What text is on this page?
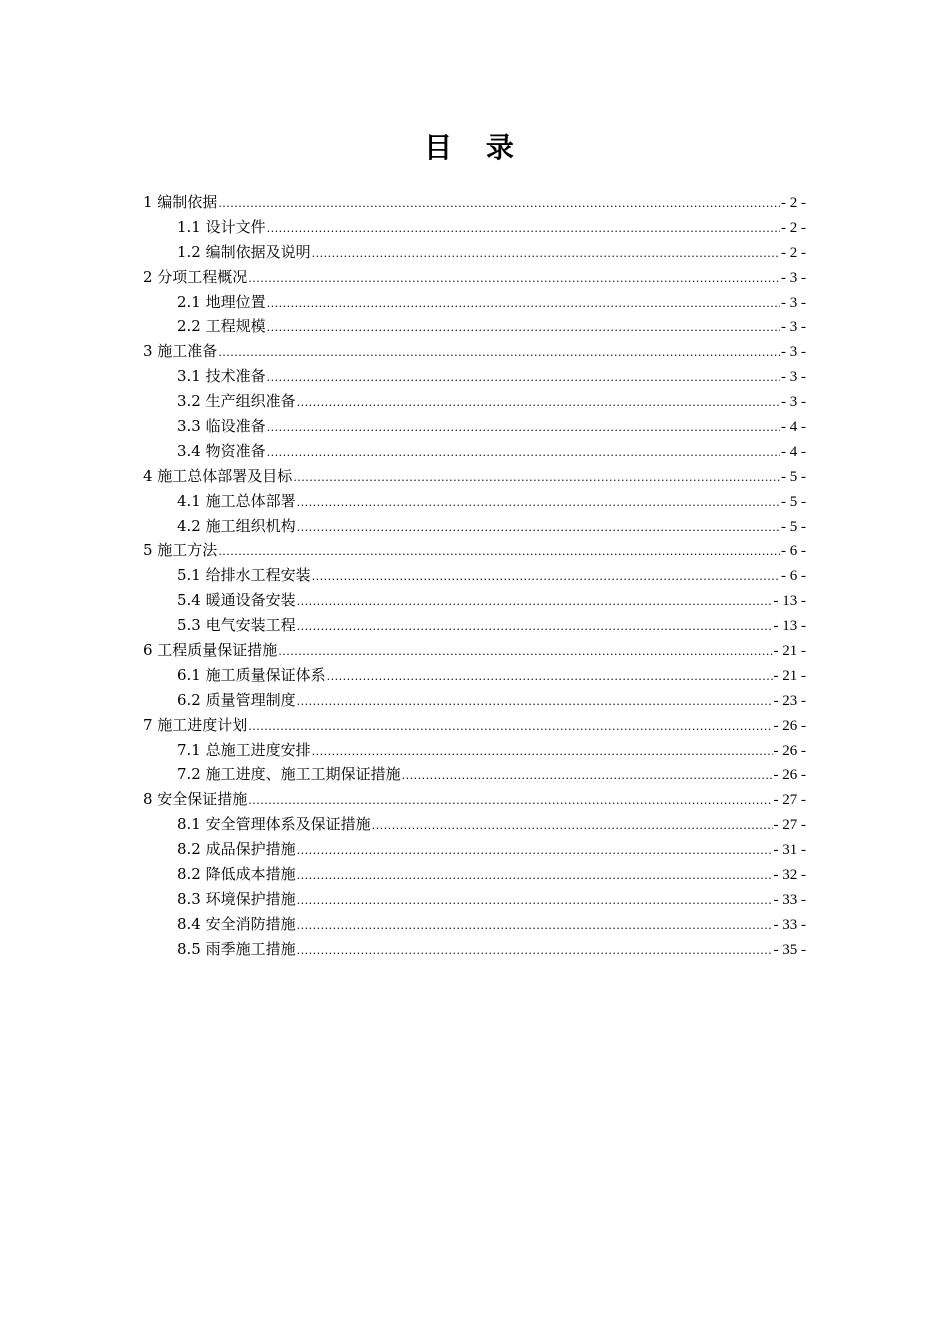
目 录
1 编制依据 .....	- 2 -
1.1 设计文件 .....	- 2 -
1.2 编制依据及说明 .....	- 2 -
2 分项工程概况 .....	- 3 -
2.1 地理位置 .....	- 3 -
2.2 工程规模 .....	- 3 -
3 施工准备 .....	- 3 -
3.1 技术准备 .....	- 3 -
3.2 生产组织准备 .....	- 3 -
3.3 临设准备 .....	- 4 -
3.4 物资准备 .....	- 4 -
4 施工总体部署及目标 .....	- 5 -
4.1 施工总体部署 .....	- 5 -
4.2 施工组织机构 .....	- 5 -
5 施工方法 .....	- 6 -
5.1 给排水工程安装 .....	- 6 -
5.4 暖通设备安装 .....	- 13 -
5.3 电气安装工程 .....	- 13 -
6 工程质量保证措施 .....	- 21 -
6.1 施工质量保证体系 .....	- 21 -
6.2 质量管理制度 .....	- 23 -
7 施工进度计划 .....	- 26 -
7.1 总施工进度安排 .....	- 26 -
7.2 施工进度、施工工期保证措施 .....	- 26 -
8 安全保证措施 .....	- 27 -
8.1 安全管理体系及保证措施 .....	- 27 -
8.2 成品保护措施 .....	- 31 -
8.2 降低成本措施 .....	- 32 -
8.3 环境保护措施 .....	- 33 -
8.4 安全消防措施 .....	- 33 -
8.5 雨季施工措施 .....	- 35 -
